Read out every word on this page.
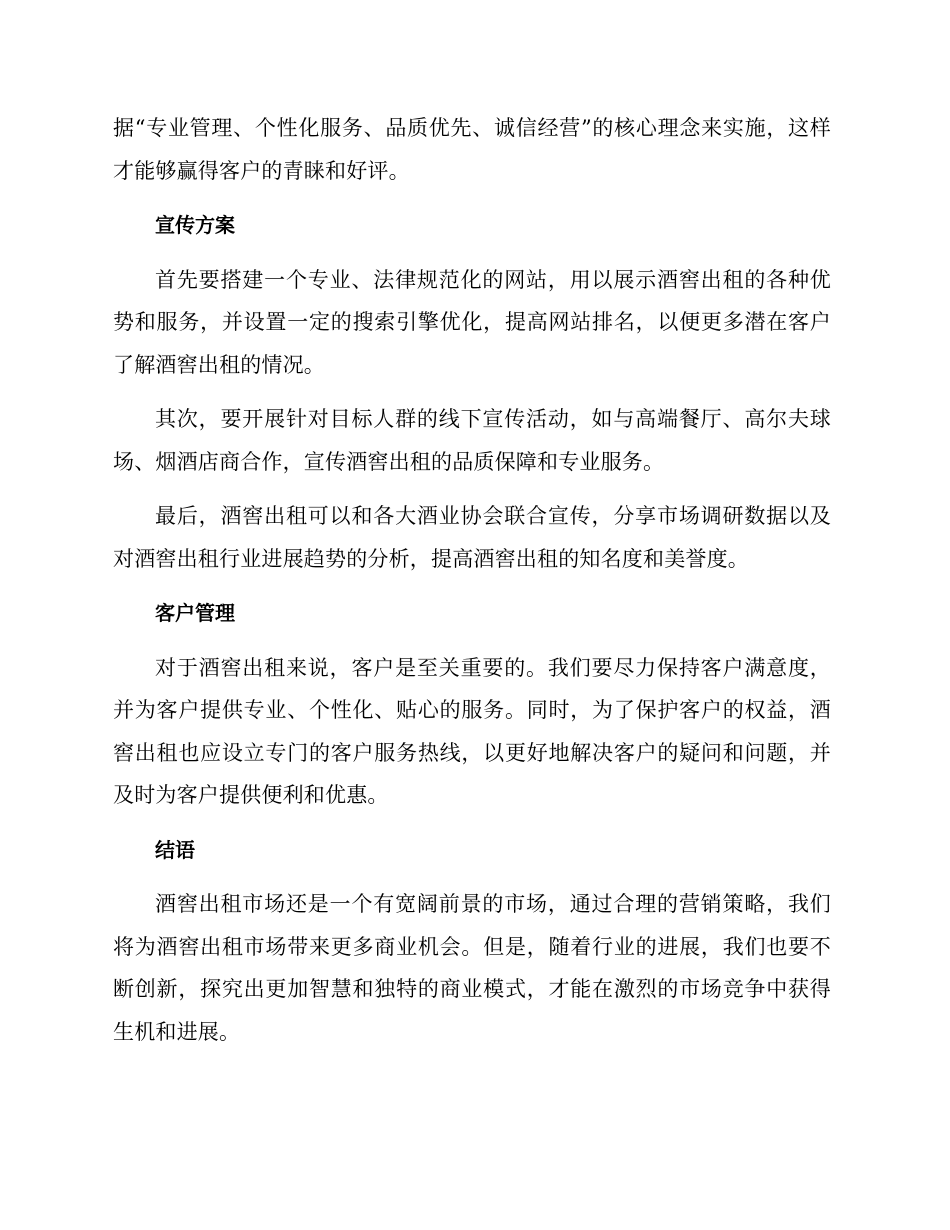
据“专业管理、个性化服务、品质优先、诚信经营”的核心理念来实施，这样才能够赢得客户的青睐和好评。

宣传方案

首先要搭建一个专业、法律规范化的网站，用以展示酒窖出租的各种优势和服务，并设置一定的搜索引擎优化，提高网站排名，以便更多潜在客户了解酒窖出租的情况。

其次，要开展针对目标人群的线下宣传活动，如与高端餐厅、高尔夫球场、烟酒店商合作，宣传酒窖出租的品质保障和专业服务。

最后，酒窖出租可以和各大酒业协会联合宣传，分享市场调研数据以及对酒窖出租行业进展趋势的分析，提高酒窖出租的知名度和美誉度。

客户管理

对于酒窖出租来说，客户是至关重要的。我们要尽力保持客户满意度，并为客户提供专业、个性化、贴心的服务。同时，为了保护客户的权益，酒窖出租也应设立专门的客户服务热线，以更好地解决客户的疑问和问题，并及时为客户提供便利和优惠。

结语

酒窖出租市场还是一个有宽阔前景的市场，通过合理的营销策略，我们将为酒窖出租市场带来更多商业机会。但是，随着行业的进展，我们也要不断创新，探究出更加智慧和独特的商业模式，才能在激烈的市场竞争中获得生机和进展。
